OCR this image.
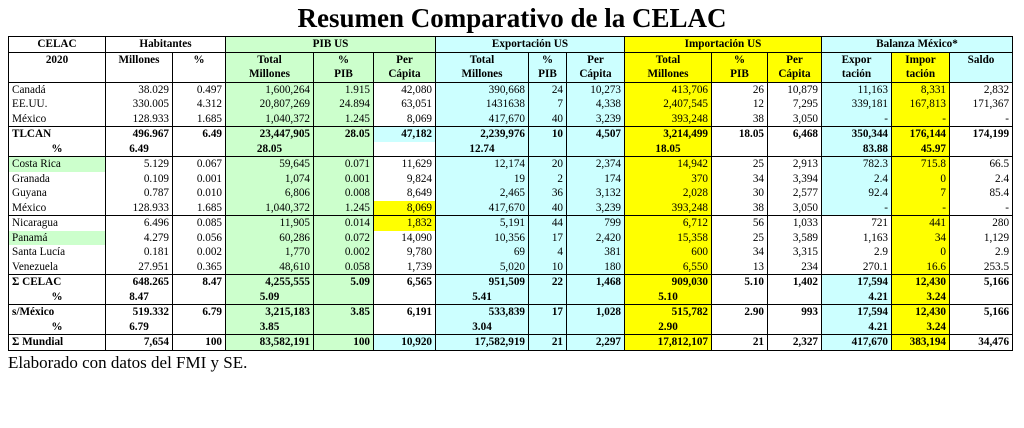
Resumen Comparativo de la CELAC
CELAC	Habitantes		PIB US			Exportación US			Importación US			Balanza México*		
2020	Millones	%	Total	%	Per	Total	%	Per	Total	%	Per	Expor	Impor	Saldo
			Millones	PIB	Cápita	Millones	PIB	Cápita	Millones	PIB	Cápita	tación	tación	
Canadá	38.029	0.497	1,600,264	1.915	42,080	390,668	24	10,273	413,706	26	10,879	11,163	8,331	2,832
EE.UU.	330.005	4.312	20,807,269	24.894	63,051	1431638	7	4,338	2,407,545	12	7,295	339,181	167,813	171,367
México	128.933	1.685	1,040,372	1.245	8,069	417,670	40	3,239	393,248	38	3,050	-	-	-
TLCAN	496.967	6.49	23,447,905	28.05	47,182	2,239,976	10	4,507	3,214,499	18.05	6,468	350,344	176,144	174,199
%	6.49		28.05			12.74			18.05			83.88	45.97	
Costa Rica	5.129	0.067	59,645	0.071	11,629	12,174	20	2,374	14,942	25	2,913	782.3	715.8	66.5
Granada	0.109	0.001	1,074	0.001	9,824	19	2	174	370	34	3,394	2.4	0	2.4
Guyana	0.787	0.010	6,806	0.008	8,649	2,465	36	3,132	2,028	30	2,577	92.4	7	85.4
México	128.933	1.685	1,040,372	1.245	8,069	417,670	40	3,239	393,248	38	3,050	-	-	-
Nicaragua	6.496	0.085	11,905	0.014	1,832	5,191	44	799	6,712	56	1,033	721	441	280
Panamá	4.279	0.056	60,286	0.072	14,090	10,356	17	2,420	15,358	25	3,589	1,163	34	1,129
Santa Lucía	0.181	0.002	1,770	0.002	9,780	69	4	381	600	34	3,315	2.9	0	2.9
Venezuela	27.951	0.365	48,610	0.058	1,739	5,020	10	180	6,550	13	234	270.1	16.6	253.5
Σ CELAC	648.265	8.47	4,255,555	5.09	6,565	951,509	22	1,468	909,030	5.10	1,402	17,594	12,430	5,166
%	8.47		5.09			5.41			5.10			4.21	3.24	
s/México	519.332	6.79	3,215,183	3.85	6,191	533,839	17	1,028	515,782	2.90	993	17,594	12,430	5,166
%	6.79		3.85			3.04			2.90			4.21	3.24	
Σ Mundial	7,654	100	83,582,191	100	10,920	17,582,919	21	2,297	17,812,107	21	2,327	417,670	383,194	34,476
Elaborado con datos del FMI y SE.
